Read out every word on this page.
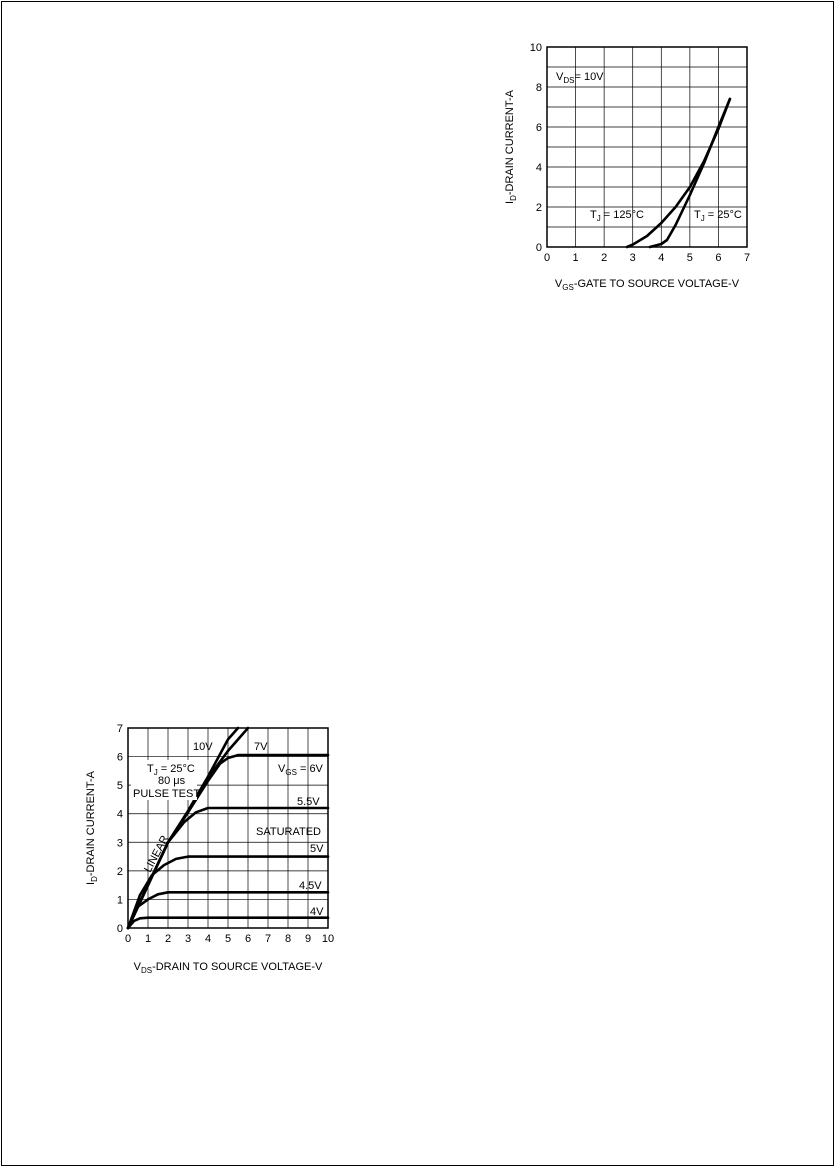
0 1 2 3 4 5 6 7
0
2
4
6
8
10
$V_{DS}= 10V$
$T_J = 125^\circ C$	$T_J = 25^\circ C$
$V_{GS}$-GATE TO SOURCE VOLTAGE-V
$I_D$-DRAIN CURRENT-A
0 1 2 3 4 5 6 7 8 9 10
0
1
2
3
4
5
6
7
$T_J = 25^\circ C$
80 μs
PULSE TEST
LINEAR
SATURATED
$V_{GS} = 6V$
10V	7V
5.5V
5V
4.5V
4V
$V_{DS}$-DRAIN TO SOURCE VOLTAGE-V
$I_D$-DRAIN CURRENT-A
